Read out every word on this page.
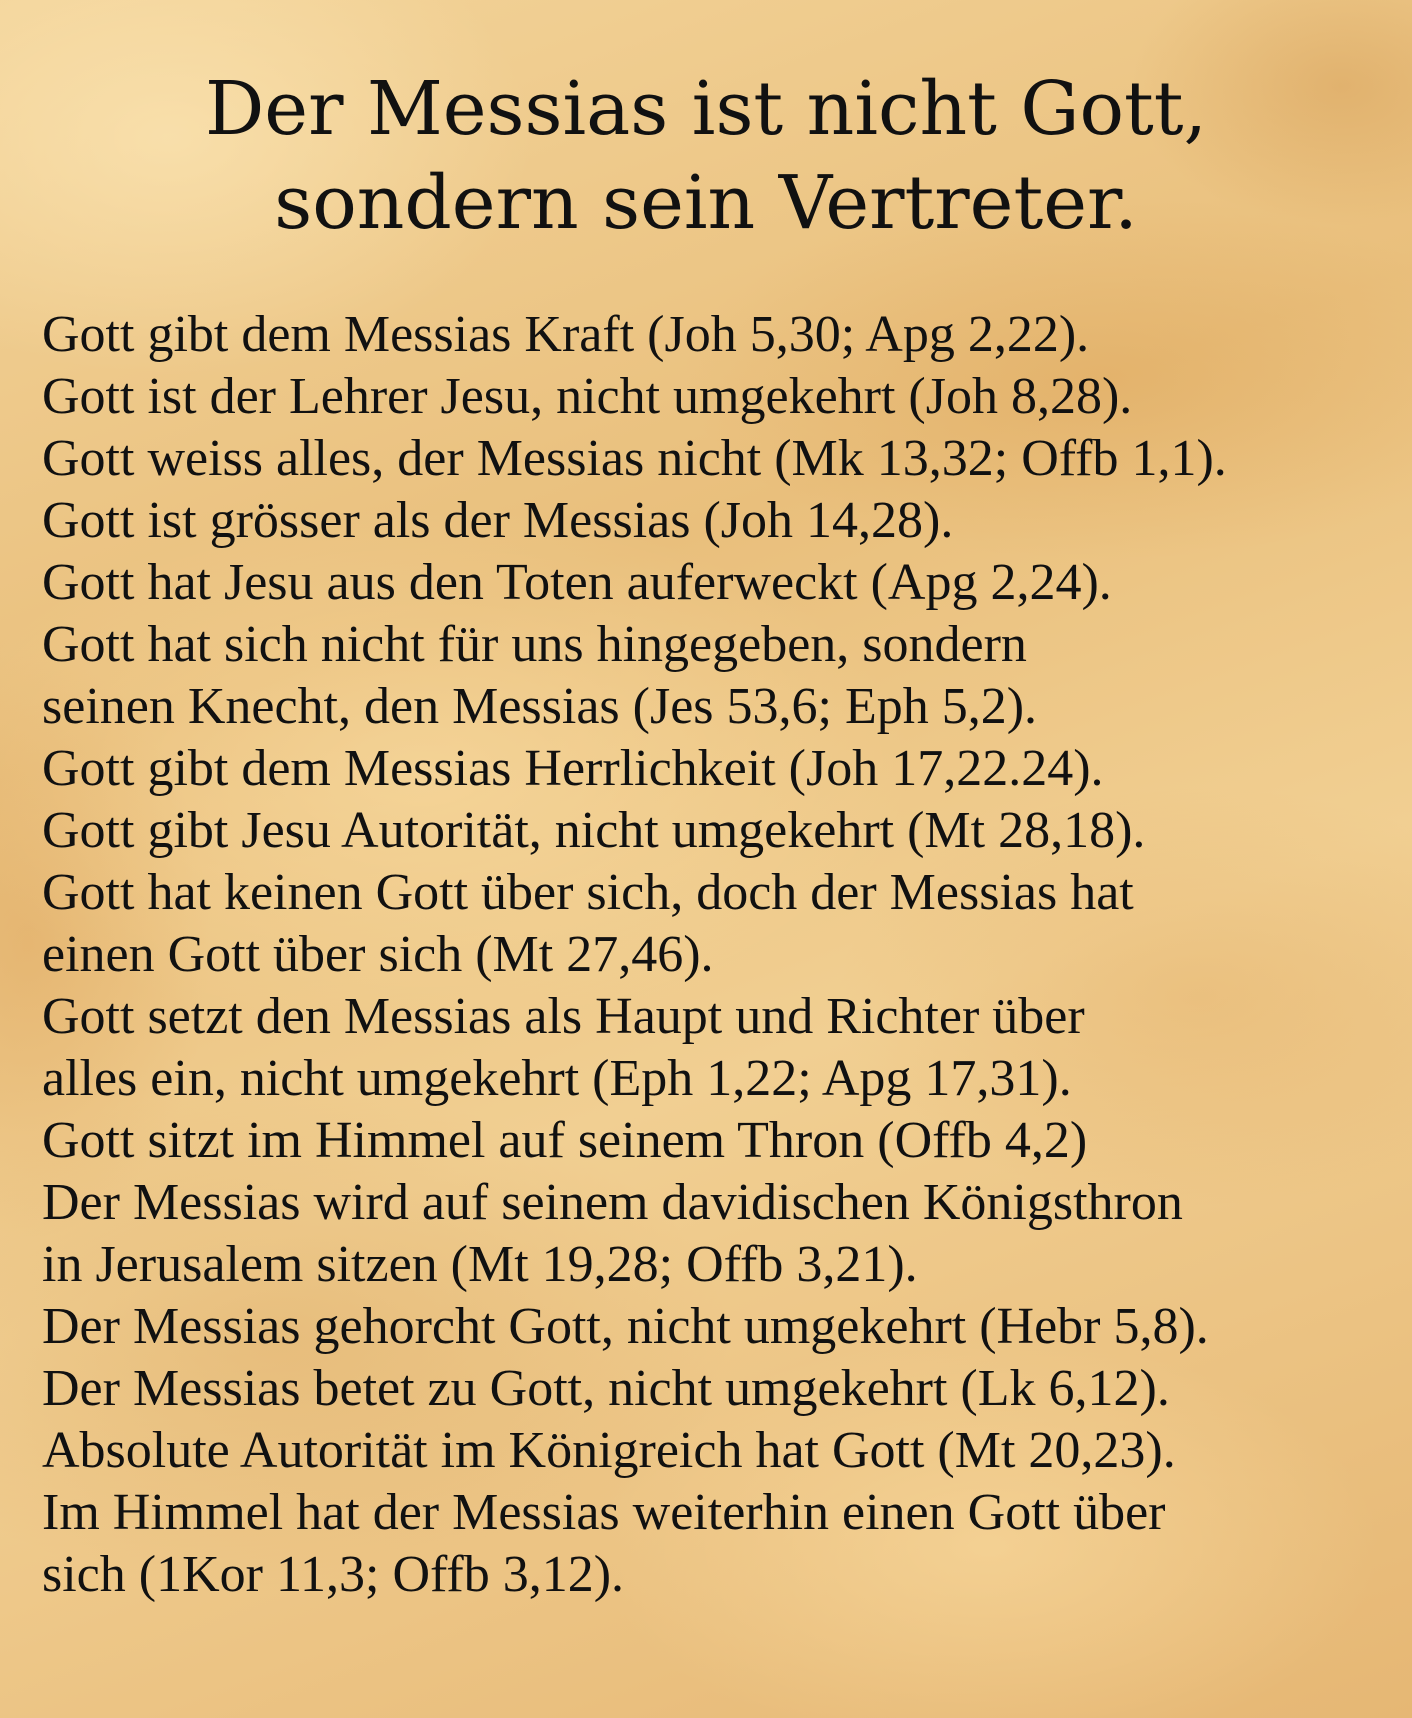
Der Messias ist nicht Gott,
sondern sein Vertreter.
Gott gibt dem Messias Kraft (Joh 5,30; Apg 2,22).
Gott ist der Lehrer Jesu, nicht umgekehrt (Joh 8,28).
Gott weiss alles, der Messias nicht (Mk 13,32; Offb 1,1).
Gott ist grösser als der Messias (Joh 14,28).
Gott hat Jesu aus den Toten auferweckt (Apg 2,24).
Gott hat sich nicht für uns hingegeben, sondern
seinen Knecht, den Messias (Jes 53,6; Eph 5,2).
Gott gibt dem Messias Herrlichkeit (Joh 17,22.24).
Gott gibt Jesu Autorität, nicht umgekehrt (Mt 28,18).
Gott hat keinen Gott über sich, doch der Messias hat
einen Gott über sich (Mt 27,46).
Gott setzt den Messias als Haupt und Richter über
alles ein, nicht umgekehrt (Eph 1,22; Apg 17,31).
Gott sitzt im Himmel auf seinem Thron (Offb 4,2)
Der Messias wird auf seinem davidischen Königsthron
in Jerusalem sitzen (Mt 19,28; Offb 3,21).
Der Messias gehorcht Gott, nicht umgekehrt (Hebr 5,8).
Der Messias betet zu Gott, nicht umgekehrt (Lk 6,12).
Absolute Autorität im Königreich hat Gott (Mt 20,23).
Im Himmel hat der Messias weiterhin einen Gott über
sich (1Kor 11,3; Offb 3,12).
